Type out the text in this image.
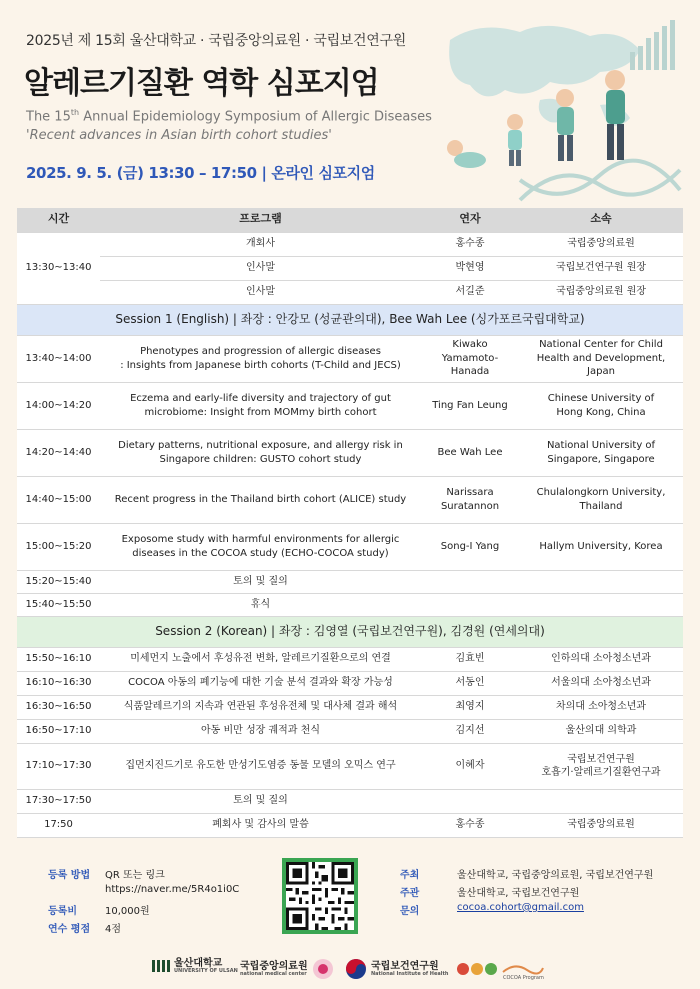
2025년 제 15회 울산대학교 · 국립중앙의료원 · 국립보건연구원
알레르기질환 역학 심포지엄
The 15th Annual Epidemiology Symposium of Allergic Diseases
'Recent advances in Asian birth cohort studies'
2025. 9. 5. (금) 13:30 – 17:50 | 온라인 심포지엄
시간	프로그램	연자	소속
13:30~13:40	개회사	홍수종	국립중앙의료원
	인사말	박현영	국립보건연구원 원장
	인사말	서길준	국립중앙의료원 원장
Session 1 (English) | 좌장 : 안강모 (성균관의대), Bee Wah Lee (싱가포르국립대학교)			
13:40~14:00	Phenotypes and progression of allergic diseases
: Insights from Japanese birth cohorts (T-Child and JECS)	Kiwako
Yamamoto-Hanada	National Center for Child
Health and Development,
Japan
14:00~14:20	Eczema and early-life diversity and trajectory of gut
microbiome: Insight from MOMmy birth cohort	Ting Fan Leung	Chinese University of
Hong Kong, China
14:20~14:40	Dietary patterns, nutritional exposure, and allergy risk in
Singapore children: GUSTO cohort study	Bee Wah Lee	National University of
Singapore, Singapore
14:40~15:00	Recent progress in the Thailand birth cohort (ALICE) study	Narissara
Suratannon	Chulalongkorn University,
Thailand
15:00~15:20	Exposome study with harmful environments for allergic
diseases in the COCOA study (ECHO-COCOA study)	Song-I Yang	Hallym University, Korea
15:20~15:40	토의 및 질의		
15:40~15:50	휴식		
Session 2 (Korean) | 좌장 : 김영열 (국립보건연구원), 김경원 (연세의대)			
15:50~16:10	미세먼지 노출에서 후성유전 변화, 알레르기질환으로의 연결	김효빈	인하의대 소아청소년과
16:10~16:30	COCOA 아동의 폐기능에 대한 기술 분석 결과와 확장 가능성	서동인	서울의대 소아청소년과
16:30~16:50	식품알레르기의 지속과 연관된 후성유전체 및 대사체 결과 해석	최영지	차의대 소아청소년과
16:50~17:10	아동 비만 성장 궤적과 천식	김지선	울산의대 의학과
17:10~17:30	집먼지진드기로 유도한 만성기도염증 동물 모델의 오믹스 연구	이혜자	국립보건연구원
호흡기·알레르기질환연구과
17:30~17:50	토의 및 질의		
17:50	폐회사 및 감사의 말씀	홍수종	국립중앙의료원
등록 방법 QR 또는 링크
https://naver.me/5R4o1i0C
등록비	10,000원
연수 평점 4점
주최	울산대학교, 국립중앙의료원, 국립보건연구원
주관	울산대학교, 국립보건연구원
문의	cocoa.cohort@gmail.com
울산대학교
UNIVERSITY OF ULSAN 국립중앙의료원
national medical center
국립보건연구원
National Institute of Health
COCOA Program
